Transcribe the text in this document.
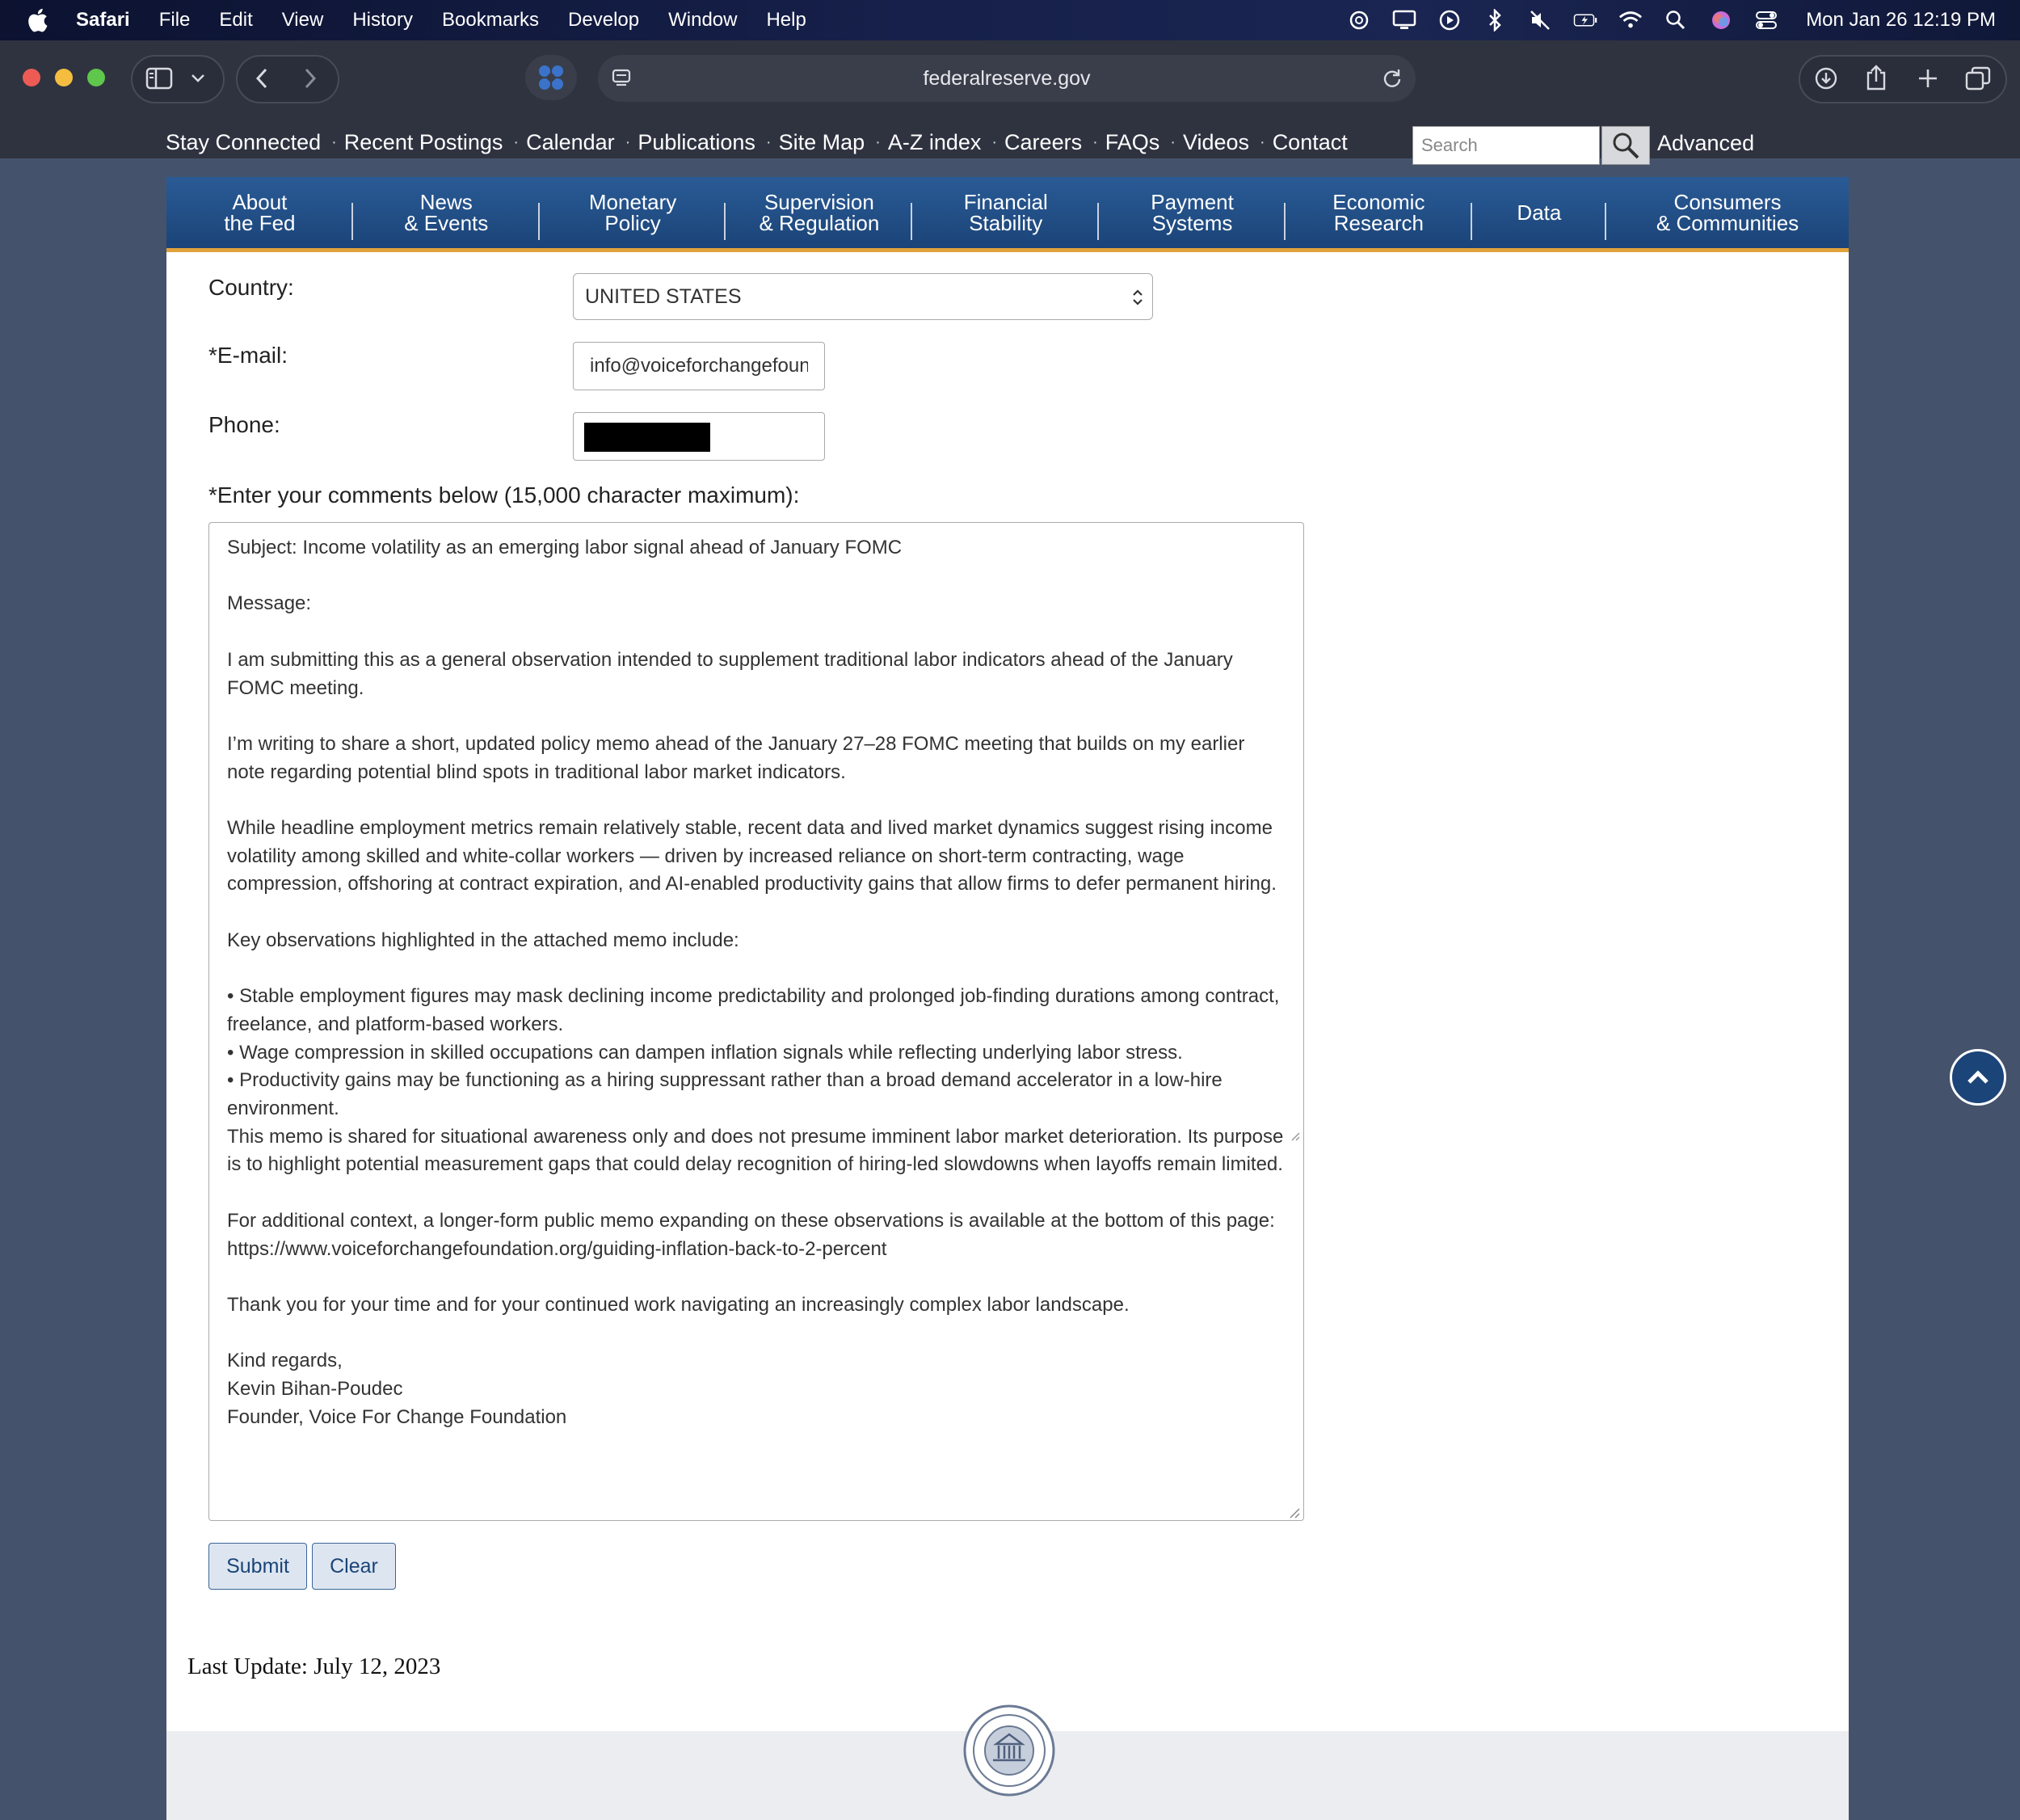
Safari File Edit View History Bookmarks Develop Window Help	Mon Jan 26 12:19 PM
federalreserve.gov
Stay Connected · Recent Postings · Calendar · Publications · Site Map · A-Z index · Careers · FAQs · Videos · Contact
Search	Advanced
About
the Fed
News
& Events
Monetary
Policy
Supervision
& Regulation
Financial
Stability
Payment
Systems
Economic
Research	Data	Consumers
& Communities
Country:	UNITED STATES
*E-mail:
info@voiceforchangefoun
Phone:
*Enter your comments below (15,000 character maximum):

Subject: Income volatility as an emerging labor signal ahead of January FOMC

Message:

I am submitting this as a general observation intended to supplement traditional labor indicators ahead of the January FOMC meeting.

I’m writing to share a short, updated policy memo ahead of the January 27–28 FOMC meeting that builds on my earlier note regarding potential blind spots in traditional labor market indicators.

While headline employment metrics remain relatively stable, recent data and lived market dynamics suggest rising income volatility among skilled and white-collar workers — driven by increased reliance on short-term contracting, wage compression, offshoring at contract expiration, and AI-enabled productivity gains that allow firms to defer permanent hiring.

Key observations highlighted in the attached memo include:

• Stable employment figures may mask declining income predictability and prolonged job-finding durations among contract, freelance, and platform-based workers.

• Wage compression in skilled occupations can dampen inflation signals while reflecting underlying labor stress.

• Productivity gains may be functioning as a hiring suppressant rather than a broad demand accelerator in a low-hire environment.

This memo is shared for situational awareness only and does not presume imminent labor market deterioration. Its purpose is to highlight potential measurement gaps that could delay recognition of hiring-led slowdowns when layoffs remain limited.

For additional context, a longer-form public memo expanding on these observations is available at the bottom of this page:

https://www.voiceforchangefoundation.org/guiding-inflation-back-to-2-percent

Thank you for your time and for your continued work navigating an increasingly complex labor landscape.

Kind regards,

Kevin Bihan-Poudec

Founder, Voice For Change Foundation

Submit	Clear
Last Update: July 12, 2023
